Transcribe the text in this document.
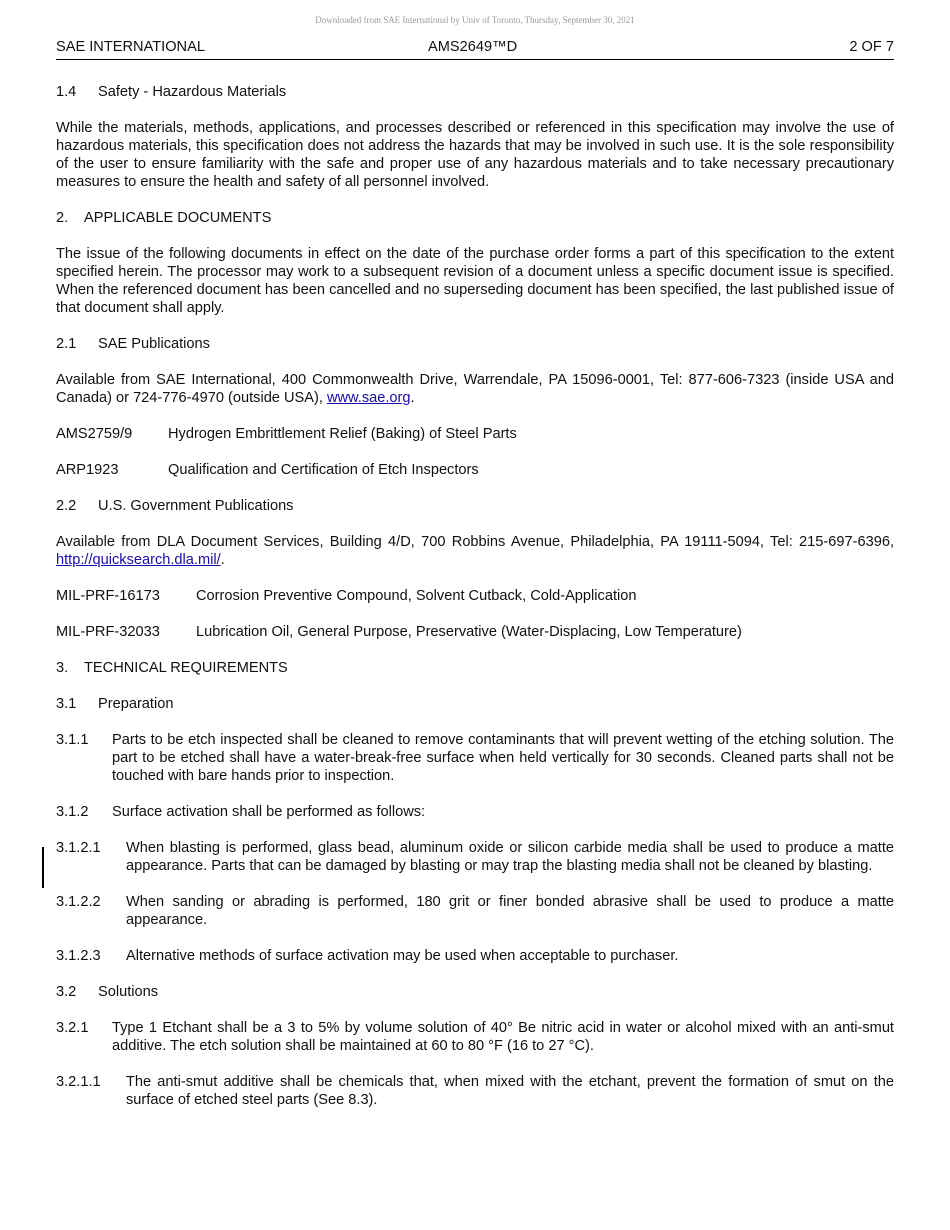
Downloaded from SAE International by Univ of Toronto, Thursday, September 30, 2021
SAE INTERNATIONAL	AMS2649™D	2 OF 7

1.4 Safety - Hazardous Materials

While the materials, methods, applications, and processes described or referenced in this specification may involve the use of hazardous materials, this specification does not address the hazards that may be involved in such use. It is the sole responsibility of the user to ensure familiarity with the safe and proper use of any hazardous materials and to take necessary precautionary measures to ensure the health and safety of all personnel involved.

2. APPLICABLE DOCUMENTS

The issue of the following documents in effect on the date of the purchase order forms a part of this specification to the extent specified herein. The processor may work to a subsequent revision of a document unless a specific document issue is specified. When the referenced document has been cancelled and no superseding document has been specified, the last published issue of that document shall apply.

2.1 SAE Publications

Available from SAE International, 400 Commonwealth Drive, Warrendale, PA 15096-0001, Tel: 877-606-7323 (inside USA and Canada) or 724-776-4970 (outside USA), www.sae.org.

AMS2759/9	Hydrogen Embrittlement Relief (Baking) of Steel Parts
ARP1923	Qualification and Certification of Etch Inspectors

2.2 U.S. Government Publications

Available from DLA Document Services, Building 4/D, 700 Robbins Avenue, Philadelphia, PA 19111-5094, Tel: 215-697-6396, http://quicksearch.dla.mil/.

MIL-PRF-16173	Corrosion Preventive Compound, Solvent Cutback, Cold-Application
MIL-PRF-32033	Lubrication Oil, General Purpose, Preservative (Water-Displacing, Low Temperature)

3. TECHNICAL REQUIREMENTS

3.1 Preparation

3.1.1 Parts to be etch inspected shall be cleaned to remove contaminants that will prevent wetting of the etching solution. The part to be etched shall have a water-break-free surface when held vertically for 30 seconds. Cleaned parts shall not be touched with bare hands prior to inspection.

3.1.2 Surface activation shall be performed as follows:

3.1.2.1 When blasting is performed, glass bead, aluminum oxide or silicon carbide media shall be used to produce a matte appearance. Parts that can be damaged by blasting or may trap the blasting media shall not be cleaned by blasting.

3.1.2.2 When sanding or abrading is performed, 180 grit or finer bonded abrasive shall be used to produce a matte appearance.

3.1.2.3 Alternative methods of surface activation may be used when acceptable to purchaser.

3.2 Solutions

3.2.1 Type 1 Etchant shall be a 3 to 5% by volume solution of 40° Be nitric acid in water or alcohol mixed with an anti-smut additive. The etch solution shall be maintained at 60 to 80 °F (16 to 27 °C).

3.2.1.1 The anti-smut additive shall be chemicals that, when mixed with the etchant, prevent the formation of smut on the surface of etched steel parts (See 8.3).
